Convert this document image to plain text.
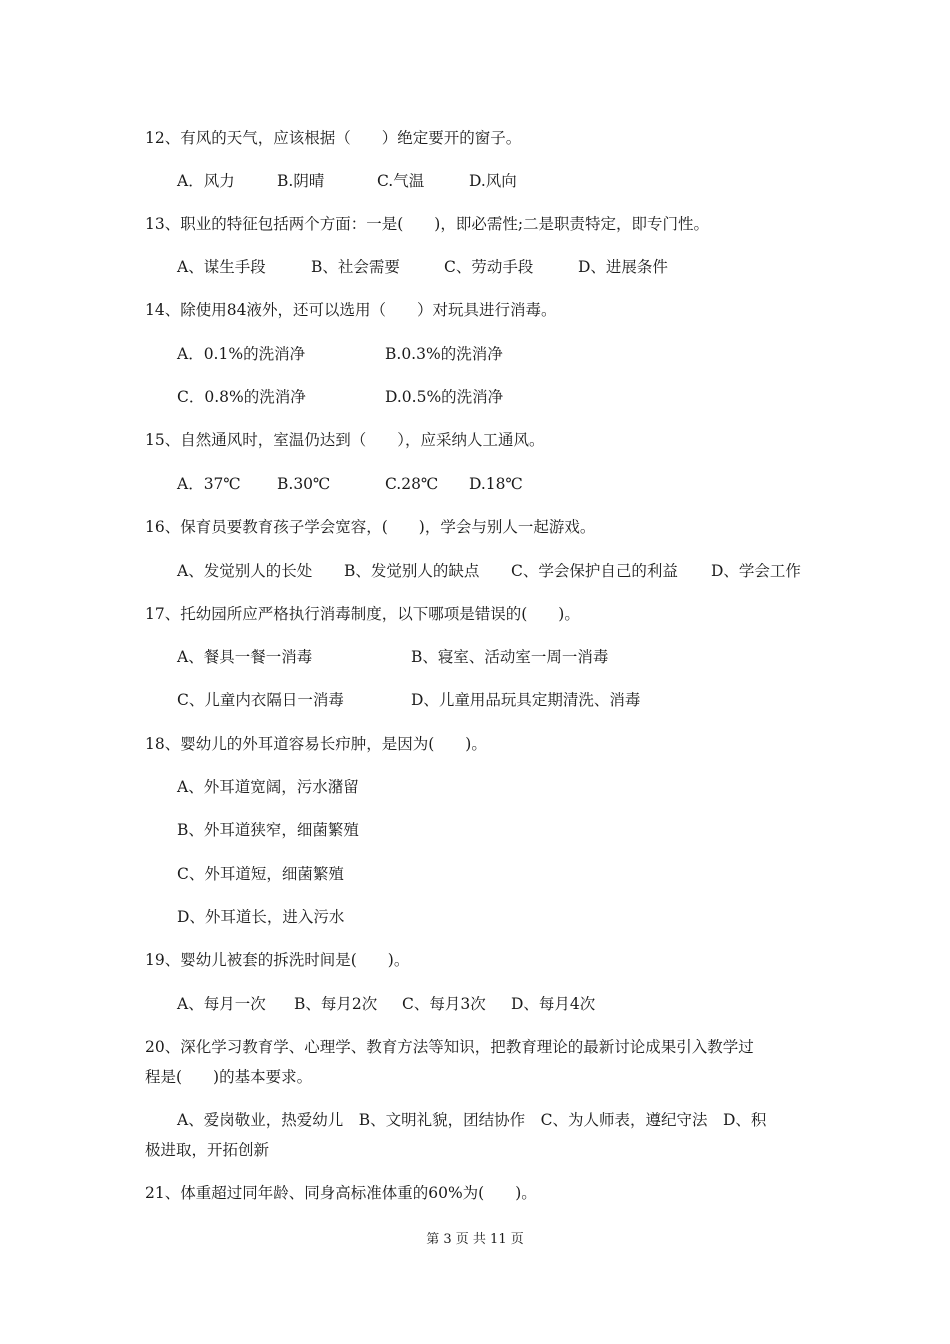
12、有风的天气，应该根据（　　）绝定要开的窗子。
A．风力	B.阴晴	C.气温	D.风向
13、职业的特征包括两个方面：一是(　　)，即必需性;二是职责特定，即专门性。
A、谋生手段	B、社会需要	C、劳动手段	D、进展条件
14、除使用84液外，还可以选用（　　）对玩具进行消毒。
A．0.1%的洗消净	B.0.3%的洗消净
C．0.8%的洗消净	D.0.5%的洗消净
15、自然通风时，室温仍达到（　　），应采纳人工通风。
A．37℃ B.30℃	C.28℃ D.18℃
16、保育员要教育孩子学会宽容，(　　)，学会与别人一起游戏。
A、发觉别人的长处 B、发觉别人的缺点 C、学会保护自己的利益 D、学会工作
17、托幼园所应严格执行消毒制度，以下哪项是错误的(　　)。
A、餐具一餐一消毒	B、寝室、活动室一周一消毒
C、儿童内衣隔日一消毒	D、儿童用品玩具定期清洗、消毒
18、婴幼儿的外耳道容易长疖肿，是因为(　　)。
A、外耳道宽阔，污水潴留
B、外耳道狭窄，细菌繁殖
C、外耳道短，细菌繁殖
D、外耳道长，进入污水
19、婴幼儿被套的拆洗时间是(　　)。
A、每月一次 B、每月2次 C、每月3次 D、每月4次
20、深化学习教育学、心理学、教育方法等知识，把教育理论的最新讨论成果引入教学过
程是(　　)的基本要求。
A、爱岗敬业，热爱幼儿　B、文明礼貌，团结协作　C、为人师表，遵纪守法　D、积
极进取，开拓创新
21、体重超过同年龄、同身高标准体重的60%为(　　)。
第 3 页 共 11 页
